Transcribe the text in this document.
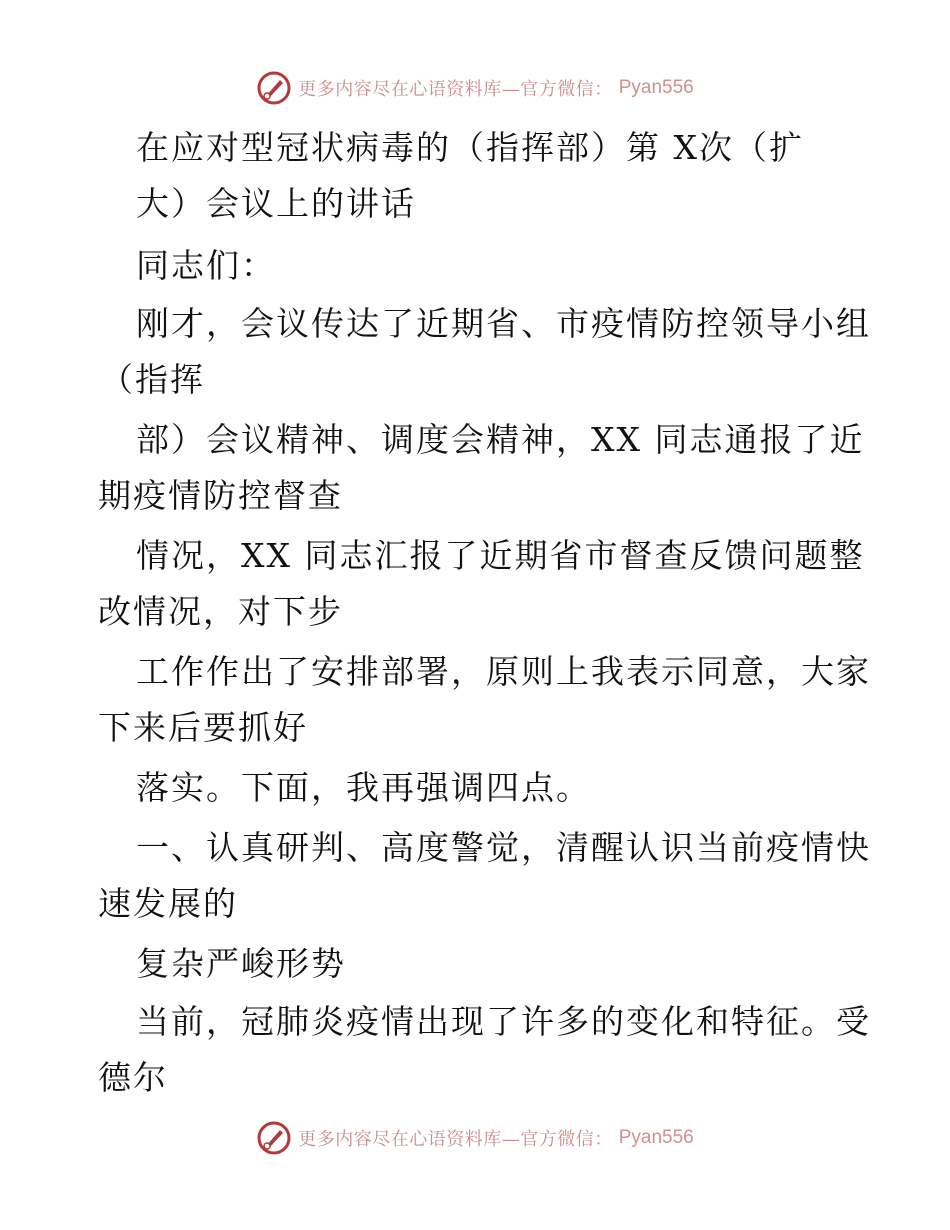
更多内容尽在心语资料库—官方微信： Pyan556
在应对型冠状病毒的（指挥部）第 X次（扩
大）会议上的讲话
同志们：
刚才，会议传达了近期省、市疫情防控领导小组
（指挥
部）会议精神、调度会精神，XX 同志通报了近
期疫情防控督查
情况，XX 同志汇报了近期省市督查反馈问题整
改情况，对下步
工作作出了安排部署，原则上我表示同意，大家
下来后要抓好
落实。下面，我再强调四点。
一、认真研判、高度警觉，清醒认识当前疫情快
速发展的
复杂严峻形势
当前，冠肺炎疫情出现了许多的变化和特征。受
德尔
更多内容尽在心语资料库—官方微信： Pyan556
